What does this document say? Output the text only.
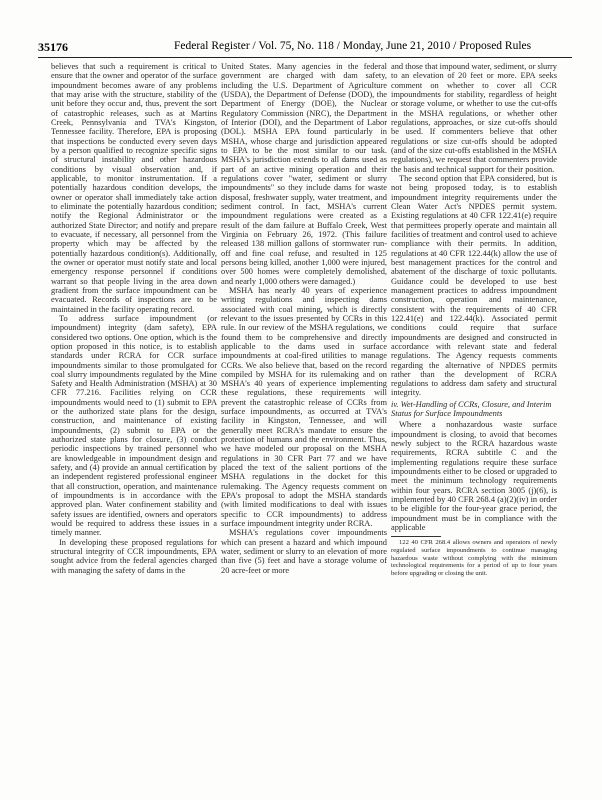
35176	Federal Register / Vol. 75, No. 118 / Monday, June 21, 2010 / Proposed Rules

believes that such a requirement is critical to ensure that the owner and operator of the surface impoundment becomes aware of any problems that may arise with the structure, stability of the unit before they occur and, thus, prevent the sort of catastrophic releases, such as at Martins Creek, Pennsylvania and TVA's Kingston, Tennessee facility. Therefore, EPA is proposing that inspections be conducted every seven days by a person qualified to recognize specific signs of structural instability and other hazardous conditions by visual observation and, if applicable, to monitor instrumentation. If a potentially hazardous condition develops, the owner or operator shall immediately take action to eliminate the potentially hazardous condition; notify the Regional Administrator or the authorized State Director; and notify and prepare to evacuate, if necessary, all personnel from the property which may be affected by the potentially hazardous condition(s). Additionally, the owner or operator must notify state and local emergency response personnel if conditions warrant so that people living in the area down gradient from the surface impoundment can be evacuated. Records of inspections are to be maintained in the facility operating record.

To address surface impoundment (or impoundment) integrity (dam safety), EPA considered two options. One option, which is the option proposed in this notice, is to establish standards under RCRA for CCR surface impoundments similar to those promulgated for coal slurry impoundments regulated by the Mine Safety and Health Administration (MSHA) at 30 CFR 77.216. Facilities relying on CCR impoundments would need to (1) submit to EPA or the authorized state plans for the design, construction, and maintenance of existing impoundments, (2) submit to EPA or the authorized state plans for closure, (3) conduct periodic inspections by trained personnel who are knowledgeable in impoundment design and safety, and (4) provide an annual certification by an independent registered professional engineer that all construction, operation, and maintenance of impoundments is in accordance with the approved plan. Water confinement stability and safety issues are identified, owners and operators would be required to address these issues in a timely manner.

In developing these proposed regulations for structural integrity of CCR impoundments, EPA sought advice from the federal agencies charged with managing the safety of dams in the

United States. Many agencies in the federal government are charged with dam safety, including the U.S. Department of Agriculture (USDA), the Department of Defense (DOD), the Department of Energy (DOE), the Nuclear Regulatory Commission (NRC), the Department of Interior (DOI), and the Department of Labor (DOL). MSHA EPA found particularly in MSHA, whose charge and jurisdiction appeared to EPA to be the most similar to our task. MSHA's jurisdiction extends to all dams used as part of an active mining operation and their regulations cover "water, sediment or slurry impoundments" so they include dams for waste disposal, freshwater supply, water treatment, and sediment control. In fact, MSHA's current impoundment regulations were created as a result of the dam failure at Buffalo Creek, West Virginia on February 26, 1972. (This failure released 138 million gallons of stormwater run-off and fine coal refuse, and resulted in 125 persons being killed, another 1,000 were injured, over 500 homes were completely demolished, and nearly 1,000 others were damaged.)

MSHA has nearly 40 years of experience writing regulations and inspecting dams associated with coal mining, which is directly relevant to the issues presented by CCRs in this rule. In our review of the MSHA regulations, we found them to be comprehensive and directly applicable to the dams used in surface impoundments at coal-fired utilities to manage CCRs. We also believe that, based on the record compiled by MSHA for its rulemaking and on MSHA's 40 years of experience implementing these regulations, these requirements will prevent the catastrophic release of CCRs from surface impoundments, as occurred at TVA's facility in Kingston, Tennessee, and will generally meet RCRA's mandate to ensure the protection of humans and the environment. Thus, we have modeled our proposal on the MSHA regulations in 30 CFR Part 77 and we have placed the text of the salient portions of the MSHA regulations in the docket for this rulemaking. The Agency requests comment on EPA's proposal to adopt the MSHA standards (with limited modifications to deal with issues specific to CCR impoundments) to address surface impoundment integrity under RCRA.

MSHA's regulations cover impoundments which can present a hazard and which impound water, sediment or slurry to an elevation of more than five (5) feet and have a storage volume of 20 acre-feet or more

and those that impound water, sediment, or slurry to an elevation of 20 feet or more. EPA seeks comment on whether to cover all CCR impoundments for stability, regardless of height or storage volume, or whether to use the cut-offs in the MSHA regulations, or whether other regulations, approaches, or size cut-offs should be used. If commenters believe that other regulations or size cut-offs should be adopted (and of the size cut-offs established in the MSHA regulations), we request that commenters provide the basis and technical support for their position.

The second option that EPA considered, but is not being proposed today, is to establish impoundment integrity requirements under the Clean Water Act's NPDES permit system. Existing regulations at 40 CFR 122.41(e) require that permittees properly operate and maintain all facilities of treatment and control used to achieve compliance with their permits. In addition, regulations at 40 CFR 122.44(k) allow the use of best management practices for the control and abatement of the discharge of toxic pollutants. Guidance could be developed to use best management practices to address impoundment construction, operation and maintenance, consistent with the requirements of 40 CFR 122.41(e) and 122.44(k). Associated permit conditions could require that surface impoundments are designed and constructed in accordance with relevant state and federal regulations. The Agency requests comments regarding the alternative of NPDES permits rather than the development of RCRA regulations to address dam safety and structural integrity.

iv. Wet-Handling of CCRs, Closure, and Interim Status for Surface Impoundments

Where a nonhazardous waste surface impoundment is closing, to avoid that becomes newly subject to the RCRA hazardous waste requirements, RCRA subtitle C and the implementing regulations require these surface impoundments either to be closed or upgraded to meet the minimum technology requirements within four years. RCRA section 3005 (j)(6), is implemented by 40 CFR 268.4 (a)(2)(iv) in order to be eligible for the four-year grace period, the impoundment must be in compliance with the applicable

122 40 CFR 268.4 allows owners and operators of newly regulated surface impoundments to continue managing hazardous waste without complying with the minimum technological requirements for a period of up to four years before upgrading or closing the unit.
